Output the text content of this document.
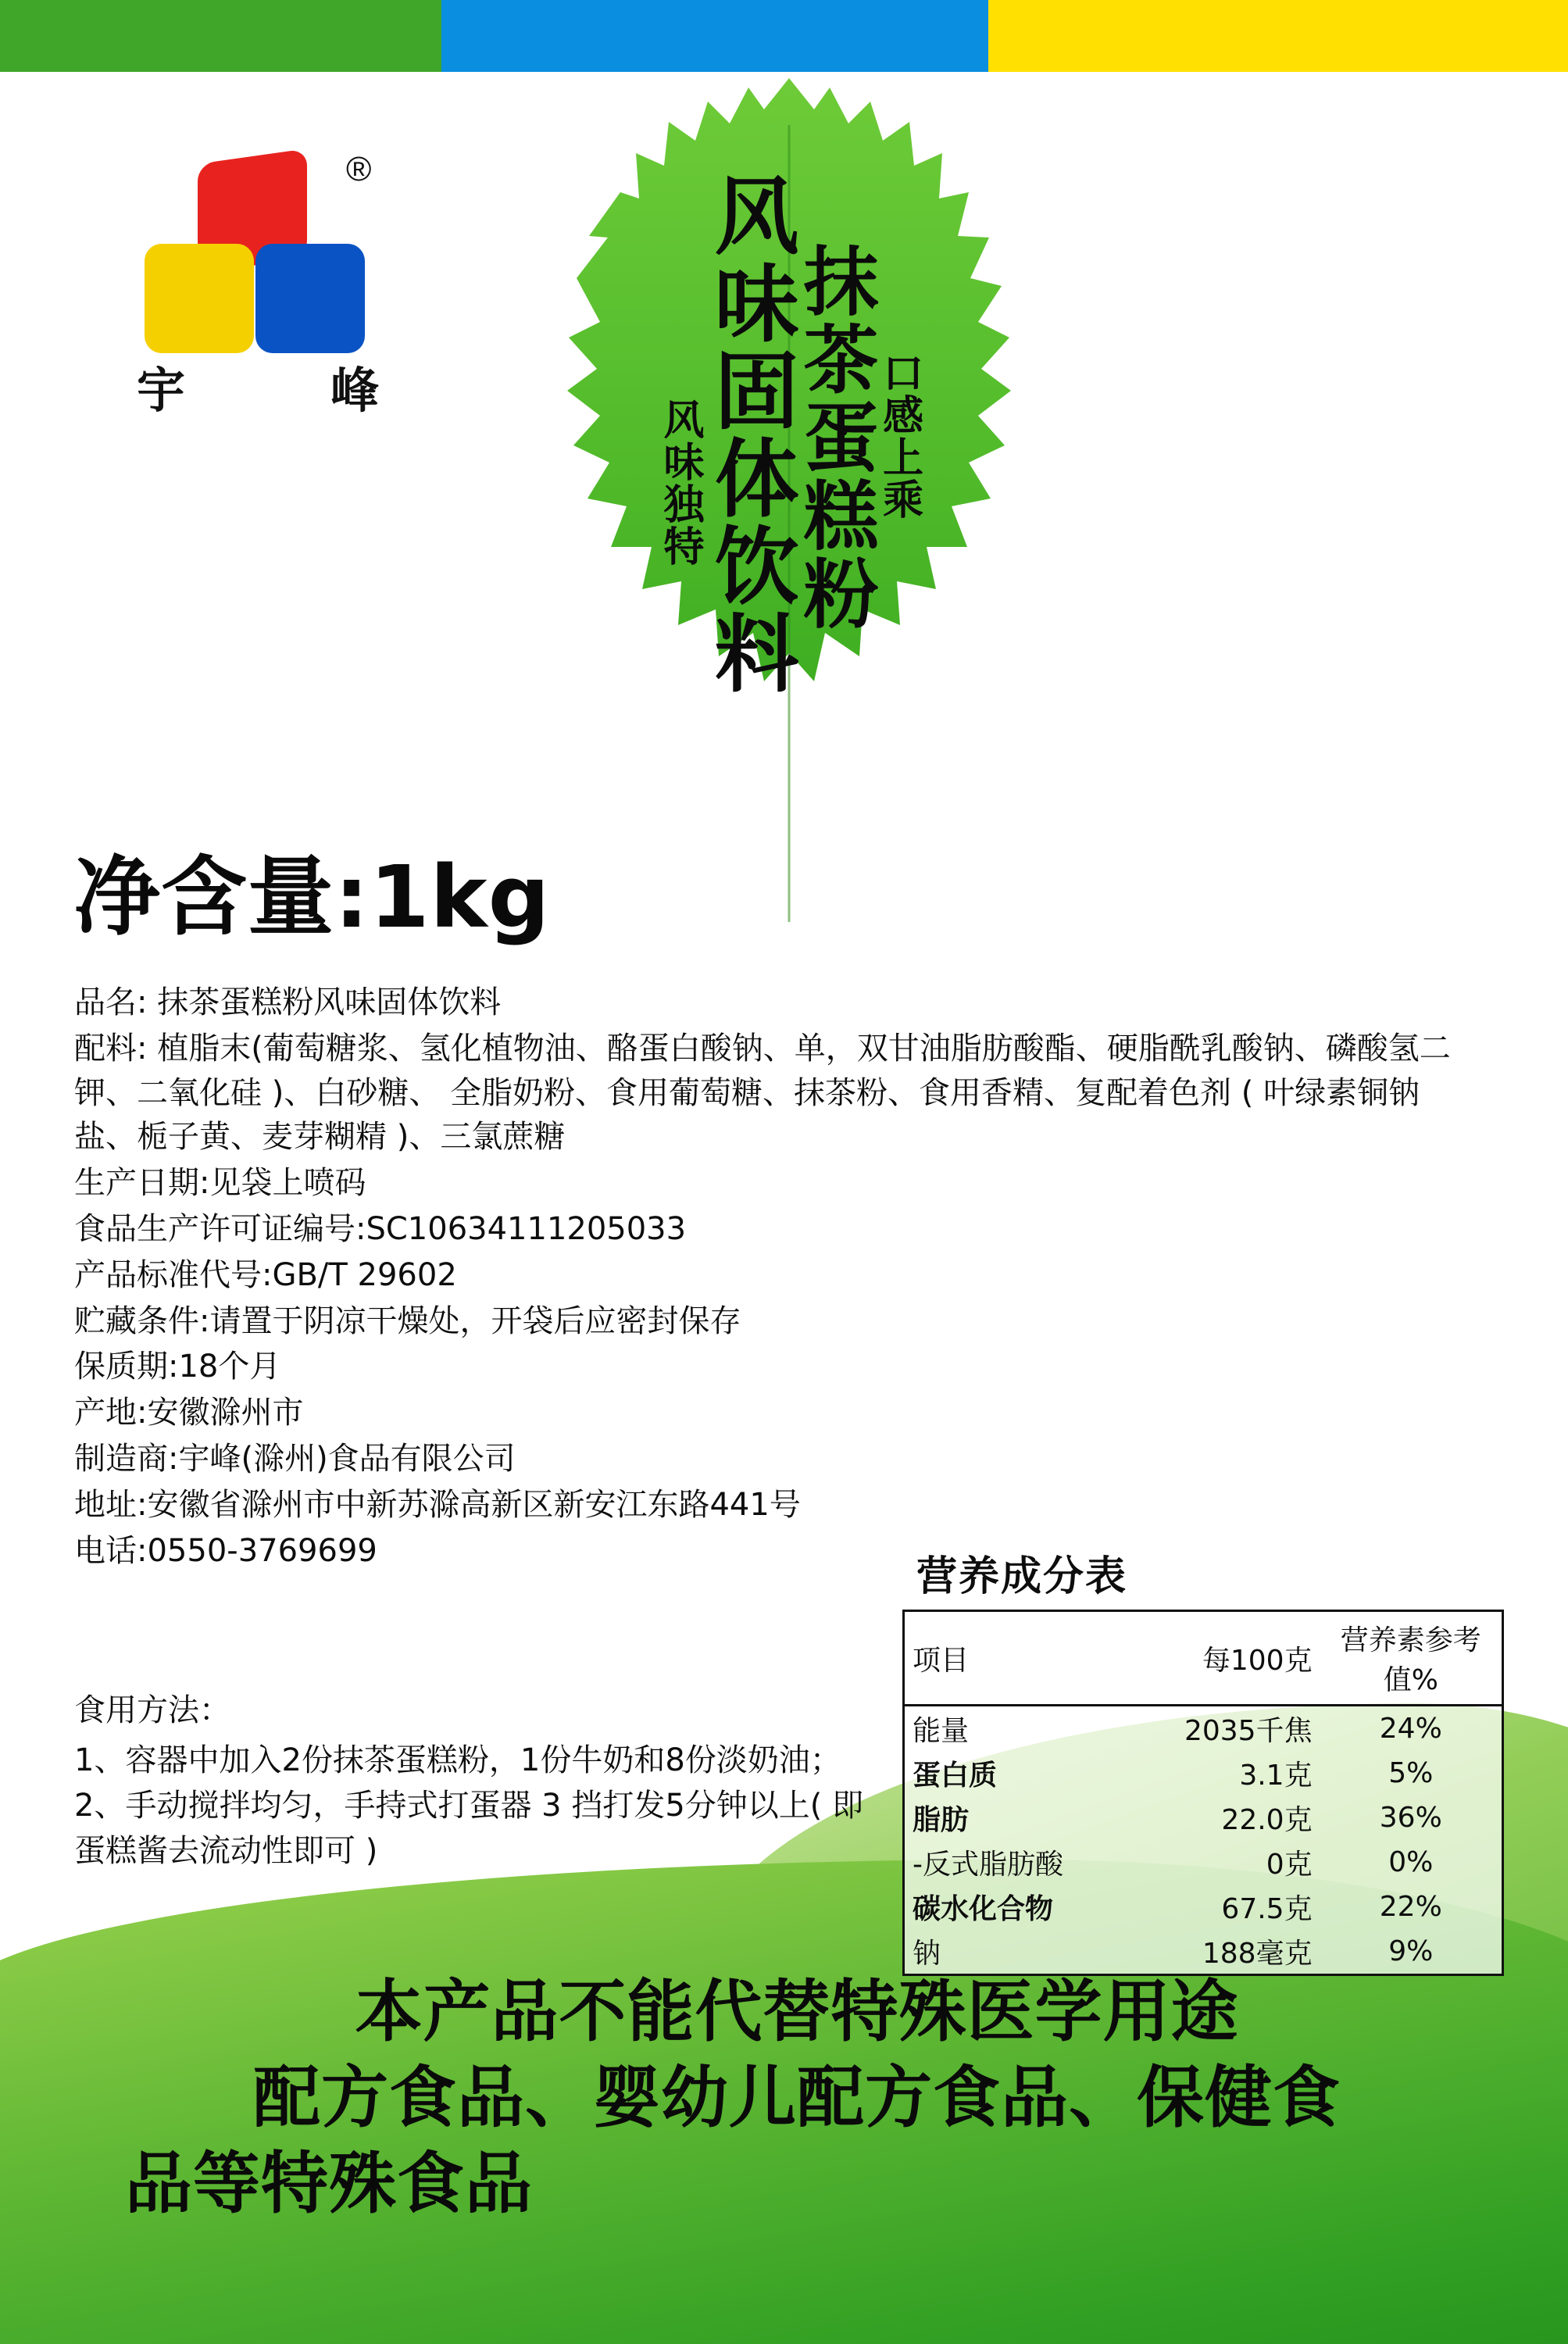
®
宇	峰	口感上乘
抹茶蛋糕粉
风味固体饮料
风味独特
净含量:1kg
品名: 抹茶蛋糕粉风味固体饮料
配料: 植脂末(葡萄糖浆、氢化植物油、酪蛋白酸钠、单，双甘油脂肪酸酯、硬脂酰乳酸钠、磷酸氢二钾、二氧化硅 )、白砂糖、 全脂奶粉、食用葡萄糖、抹茶粉、食用香精、复配着色剂 ( 叶绿素铜钠盐、栀子黄、麦芽糊精 )、三氯蔗糖
生产日期:见袋上喷码
食品生产许可证编号:SC10634111205033
产品标准代号:GB/T 29602
贮藏条件:请置于阴凉干燥处，开袋后应密封保存
保质期:18个月
产地:安徽滁州市
制造商:宇峰(滁州)食品有限公司
地址:安徽省滁州市中新苏滁高新区新安江东路441号
电话:0550-3769699
食用方法：
1、容器中加入2份抹茶蛋糕粉，1份牛奶和8份淡奶油；
2、手动搅拌均匀，手持式打蛋器 3 挡打发5分钟以上( 即蛋糕酱去流动性即可 )
营养成分表
项目	每100克	营养素参考值%
能量	2035千焦	24%
蛋白质	3.1克	5%
脂肪	22.0克	36%
-反式脂肪酸	0克	0%
碳水化合物	67.5克	22%
钠	188毫克	9%
本产品不能代替特殊医学用途
配方食品、婴幼儿配方食品、保健食
品等特殊食品
